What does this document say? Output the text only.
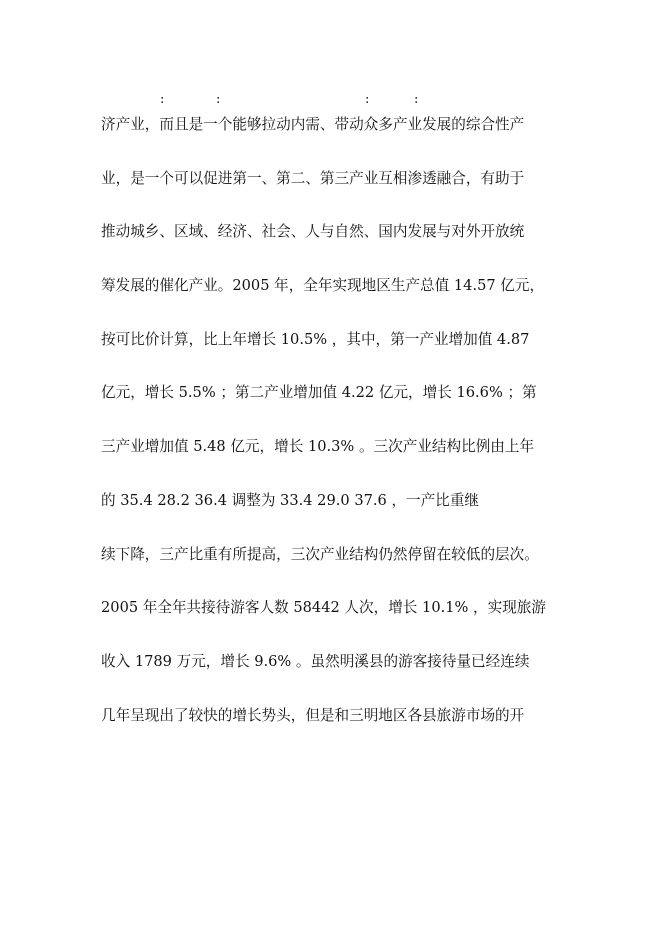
:	:	:	:
济产业，而且是一个能够拉动内需、带动众多产业发展的综合性产
业，是一个可以促进第一、第二、第三产业互相渗透融合，有助于
推动城乡、区域、经济、社会、人与自然、国内发展与对外开放统
筹发展的催化产业。2005 年，全年实现地区生产总值 14.57 亿元，
按可比价计算，比上年增长 10.5% ，其中，第一产业增加值 4.87
亿元，增长 5.5% ；第二产业增加值 4.22 亿元，增长 16.6% ；第
三产业增加值 5.48 亿元，增长 10.3% 。三次产业结构比例由上年
的 35.4 28.2 36.4 调整为 33.4 29.0 37.6 ，一产比重继
续下降，三产比重有所提高，三次产业结构仍然停留在较低的层次。
2005 年全年共接待游客人数 58442 人次，增长 10.1% ，实现旅游
收入 1789 万元，增长 9.6% 。虽然明溪县的游客接待量已经连续
几年呈现出了较快的增长势头，但是和三明地区各县旅游市场的开
